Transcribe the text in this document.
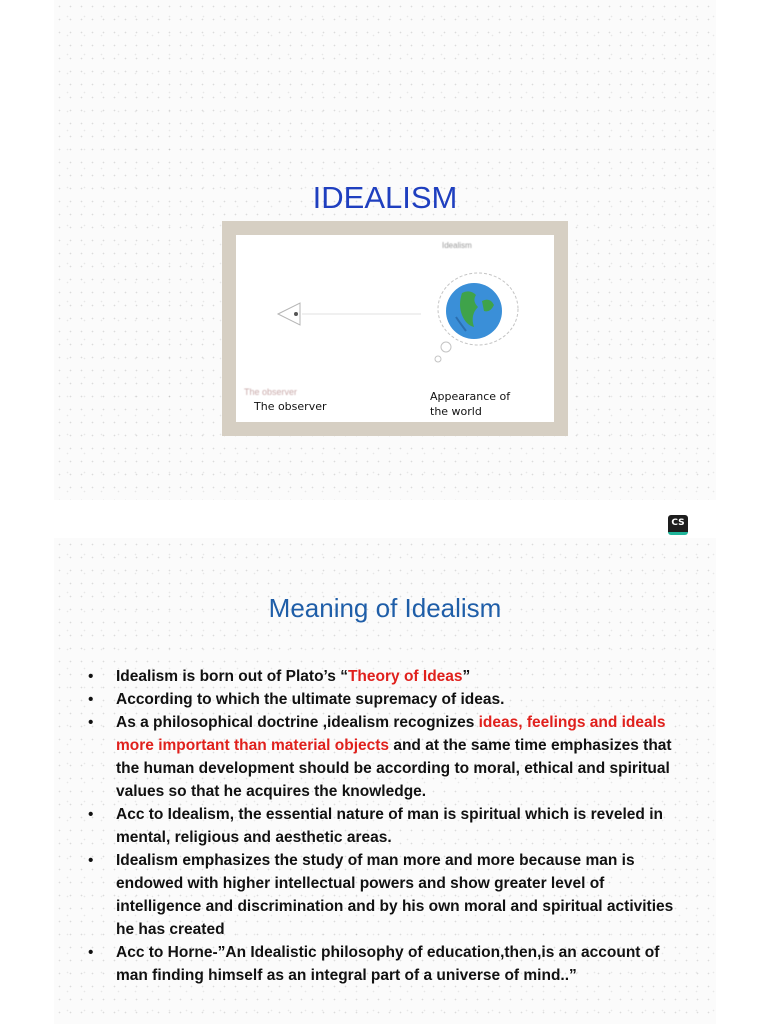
IDEALISM
Idealism
The observer
The observer
Appearance of
the world
CS
Meaning of Idealism
• Idealism is born out of Plato’s “Theory of Ideas”
• According to which the ultimate supremacy of ideas.
• As a philosophical doctrine ,idealism recognizes ideas, feelings and ideals more important than material objects and at the same time emphasizes that the human development should be according to moral, ethical and spiritual values so that he acquires the knowledge.
• Acc to Idealism, the essential nature of man is spiritual which is reveled in mental, religious and aesthetic areas.
• Idealism emphasizes the study of man more and more because man is endowed with higher intellectual powers and show greater level of intelligence and discrimination and by his own moral and spiritual activities he has created
• Acc to Horne-”An Idealistic philosophy of education,then,is an account of man finding himself as an integral part of a universe of mind..”
